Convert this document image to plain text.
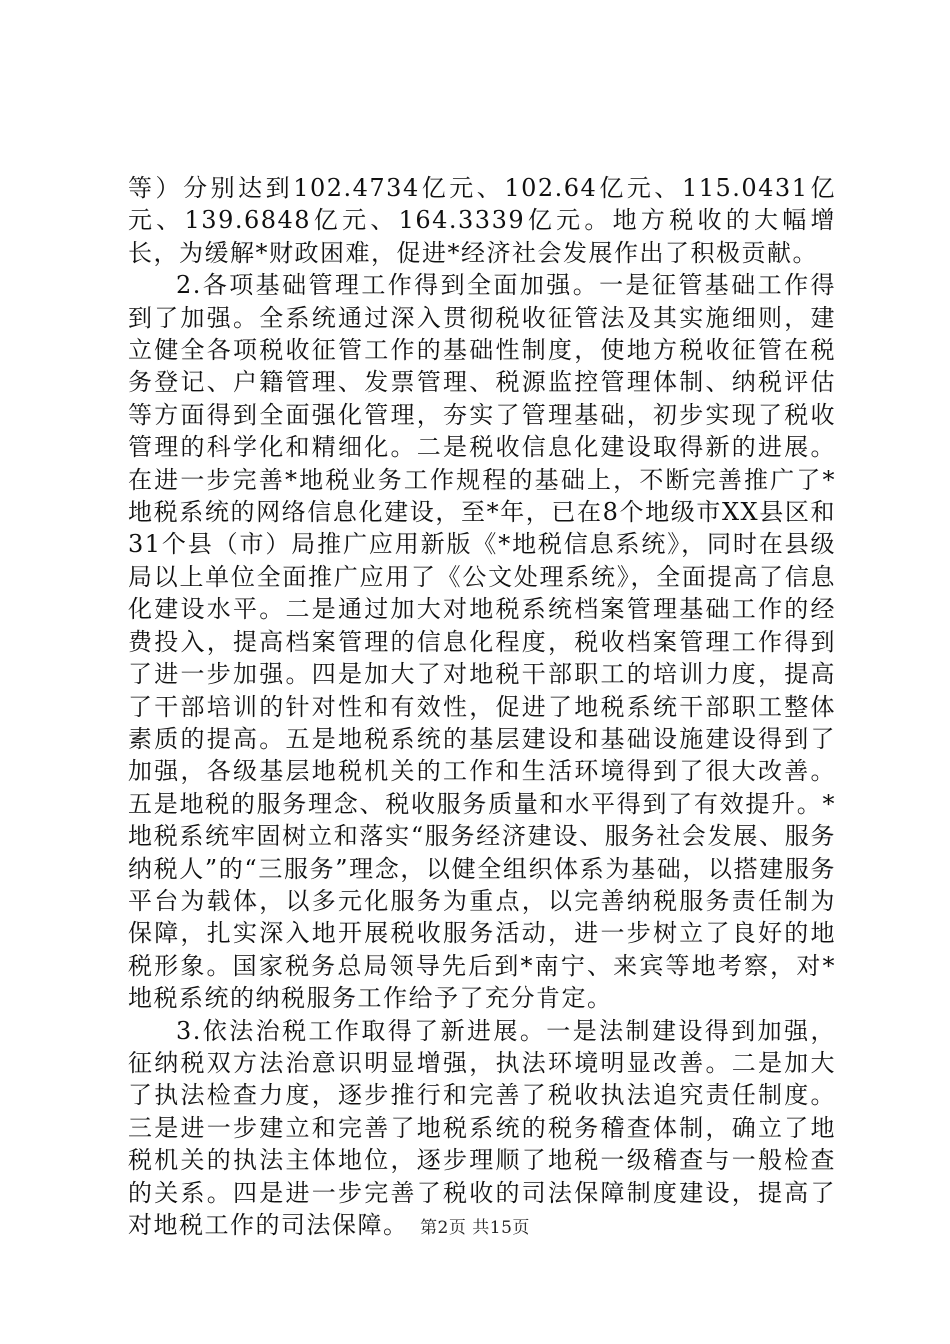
等）分别达到102.4734亿元、102.64亿元、115.0431亿元、139.6848亿元、164.3339亿元。地方税收的大幅增长，为缓解*财政困难，促进*经济社会发展作出了积极贡献。

2.各项基础管理工作得到全面加强。一是征管基础工作得到了加强。全系统通过深入贯彻税收征管法及其实施细则，建立健全各项税收征管工作的基础性制度，使地方税收征管在税务登记、户籍管理、发票管理、税源监控管理体制、纳税评估等方面得到全面强化管理，夯实了管理基础，初步实现了税收管理的科学化和精细化。二是税收信息化建设取得新的进展。在进一步完善*地税业务工作规程的基础上，不断完善推广了*地税系统的网络信息化建设，至*年，已在8个地级市XX县区和31个县（市）局推广应用新版《*地税信息系统》，同时在县级局以上单位全面推广应用了《公文处理系统》，全面提高了信息化建设水平。二是通过加大对地税系统档案管理基础工作的经费投入，提高档案管理的信息化程度，税收档案管理工作得到了进一步加强。四是加大了对地税干部职工的培训力度，提高了干部培训的针对性和有效性，促进了地税系统干部职工整体素质的提高。五是地税系统的基层建设和基础设施建设得到了加强，各级基层地税机关的工作和生活环境得到了很大改善。五是地税的服务理念、税收服务质量和水平得到了有效提升。*地税系统牢固树立和落实“服务经济建设、服务社会发展、服务纳税人”的“三服务”理念，以健全组织体系为基础，以搭建服务平台为载体，以多元化服务为重点，以完善纳税服务责任制为保障，扎实深入地开展税收服务活动，进一步树立了良好的地税形象。国家税务总局领导先后到*南宁、来宾等地考察，对*地税系统的纳税服务工作给予了充分肯定。

3.依法治税工作取得了新进展。一是法制建设得到加强，征纳税双方法治意识明显增强，执法环境明显改善。二是加大了执法检查力度，逐步推行和完善了税收执法追究责任制度。三是进一步建立和完善了地税系统的税务稽查体制，确立了地税机关的执法主体地位，逐步理顺了地税一级稽查与一般检查的关系。四是进一步完善了税收的司法保障制度建设，提高了对地税工作的司法保障。 第2页 共15页
